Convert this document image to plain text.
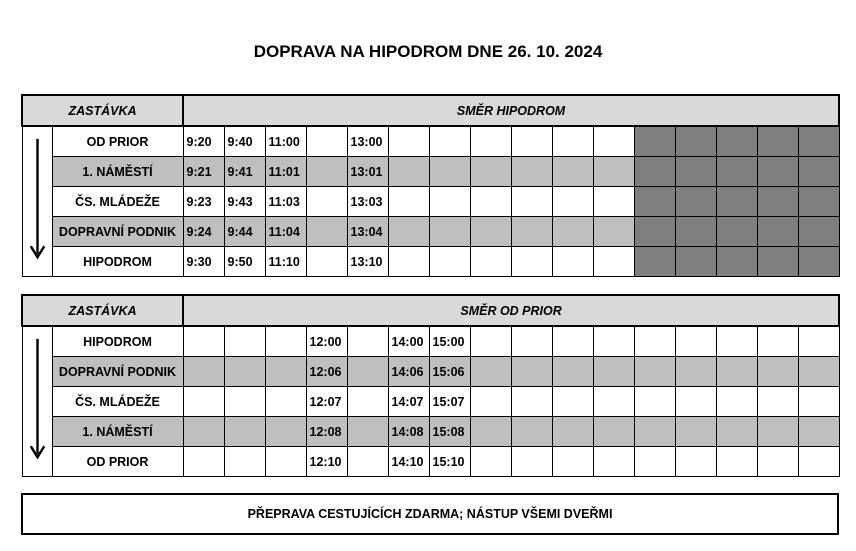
DOPRAVA NA HIPODROM DNE 26. 10. 2024
ZASTÁVKA		SMĚR HIPODROM															

	OD PRIOR	9:20	9:40	11:00		13:00											
	1. NÁMĚSTÍ	9:21	9:41	11:01		13:01											
	ČS. MLÁDEŽE	9:23	9:43	11:03		13:03											
	DOPRAVNÍ PODNIK	9:24	9:44	11:04		13:04											
	HIPODROM	9:30	9:50	11:10		13:10											
ZASTÁVKA		SMĚR OD PRIOR															

	HIPODROM				12:00		14:00	15:00									
	DOPRAVNÍ PODNIK				12:06		14:06	15:06									
	ČS. MLÁDEŽE				12:07		14:07	15:07									
	1. NÁMĚSTÍ				12:08		14:08	15:08									
	OD PRIOR				12:10		14:10	15:10									
PŘEPRAVA CESTUJÍCÍCH ZDARMA; NÁSTUP VŠEMI DVEŘMI
